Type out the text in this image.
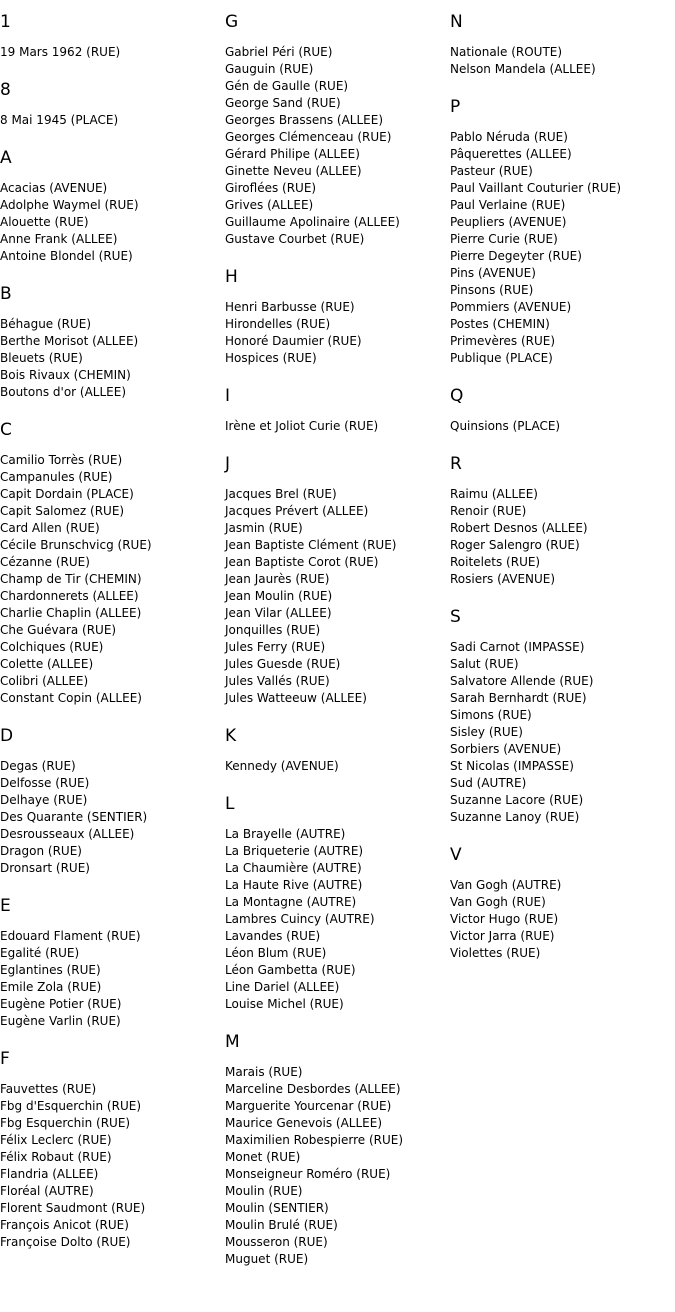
1
19 Mars 1962 (RUE)
8
8 Mai 1945 (PLACE)
A
Acacias (AVENUE)
Adolphe Waymel (RUE)
Alouette (RUE)
Anne Frank (ALLEE)
Antoine Blondel (RUE)
B
Béhague (RUE)
Berthe Morisot (ALLEE)
Bleuets (RUE)
Bois Rivaux (CHEMIN)
Boutons d'or (ALLEE)
C
Camilio Torrès (RUE)
Campanules (RUE)
Capit Dordain (PLACE)
Capit Salomez (RUE)
Card Allen (RUE)
Cécile Brunschvicg (RUE)
Cézanne (RUE)
Champ de Tir (CHEMIN)
Chardonnerets (ALLEE)
Charlie Chaplin (ALLEE)
Che Guévara (RUE)
Colchiques (RUE)
Colette (ALLEE)
Colibri (ALLEE)
Constant Copin (ALLEE)
D
Degas (RUE)
Delfosse (RUE)
Delhaye (RUE)
Des Quarante (SENTIER)
Desrousseaux (ALLEE)
Dragon (RUE)
Dronsart (RUE)
E
Edouard Flament (RUE)
Egalité (RUE)
Eglantines (RUE)
Emile Zola (RUE)
Eugène Potier (RUE)
Eugène Varlin (RUE)
F
Fauvettes (RUE)
Fbg d'Esquerchin (RUE)
Fbg Esquerchin (RUE)
Félix Leclerc (RUE)
Félix Robaut (RUE)
Flandria (ALLEE)
Floréal (AUTRE)
Florent Saudmont (RUE)
François Anicot (RUE)
Françoise Dolto (RUE)
G
Gabriel Péri (RUE)
Gauguin (RUE)
Gén de Gaulle (RUE)
George Sand (RUE)
Georges Brassens (ALLEE)
Georges Clémenceau (RUE)
Gérard Philipe (ALLEE)
Ginette Neveu (ALLEE)
Giroflées (RUE)
Grives (ALLEE)
Guillaume Apolinaire (ALLEE)
Gustave Courbet (RUE)
H
Henri Barbusse (RUE)
Hirondelles (RUE)
Honoré Daumier (RUE)
Hospices (RUE)
I
Irène et Joliot Curie (RUE)
J
Jacques Brel (RUE)
Jacques Prévert (ALLEE)
Jasmin (RUE)
Jean Baptiste Clément (RUE)
Jean Baptiste Corot (RUE)
Jean Jaurès (RUE)
Jean Moulin (RUE)
Jean Vilar (ALLEE)
Jonquilles (RUE)
Jules Ferry (RUE)
Jules Guesde (RUE)
Jules Vallés (RUE)
Jules Watteeuw (ALLEE)
K
Kennedy (AVENUE)
L
La Brayelle (AUTRE)
La Briqueterie (AUTRE)
La Chaumière (AUTRE)
La Haute Rive (AUTRE)
La Montagne (AUTRE)
Lambres Cuincy (AUTRE)
Lavandes (RUE)
Léon Blum (RUE)
Léon Gambetta (RUE)
Line Dariel (ALLEE)
Louise Michel (RUE)
M
Marais (RUE)
Marceline Desbordes (ALLEE)
Marguerite Yourcenar (RUE)
Maurice Genevois (ALLEE)
Maximilien Robespierre (RUE)
Monet (RUE)
Monseigneur Roméro (RUE)
Moulin (RUE)
Moulin (SENTIER)
Moulin Brulé (RUE)
Mousseron (RUE)
Muguet (RUE)
N
Nationale (ROUTE)
Nelson Mandela (ALLEE)
P
Pablo Néruda (RUE)
Pâquerettes (ALLEE)
Pasteur (RUE)
Paul Vaillant Couturier (RUE)
Paul Verlaine (RUE)
Peupliers (AVENUE)
Pierre Curie (RUE)
Pierre Degeyter (RUE)
Pins (AVENUE)
Pinsons (RUE)
Pommiers (AVENUE)
Postes (CHEMIN)
Primevères (RUE)
Publique (PLACE)
Q
Quinsions (PLACE)
R
Raimu (ALLEE)
Renoir (RUE)
Robert Desnos (ALLEE)
Roger Salengro (RUE)
Roitelets (RUE)
Rosiers (AVENUE)
S
Sadi Carnot (IMPASSE)
Salut (RUE)
Salvatore Allende (RUE)
Sarah Bernhardt (RUE)
Simons (RUE)
Sisley (RUE)
Sorbiers (AVENUE)
St Nicolas (IMPASSE)
Sud (AUTRE)
Suzanne Lacore (RUE)
Suzanne Lanoy (RUE)
V
Van Gogh (AUTRE)
Van Gogh (RUE)
Victor Hugo (RUE)
Victor Jarra (RUE)
Violettes (RUE)
